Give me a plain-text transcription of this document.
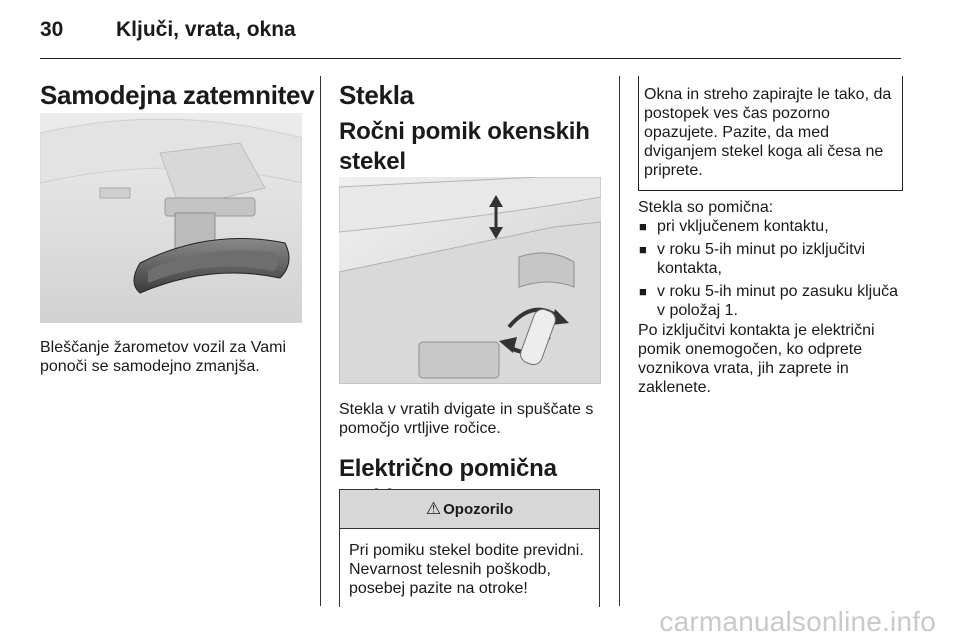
30	Ključi, vrata, okna
Samodejna zatemnitev
Bleščanje žarometov vozil za Vami ponoči se samodejno zmanjša.
Stekla
Ročni pomik okenskih stekel
Stekla v vratih dvigate in spuščate s pomočjo vrtljive ročice.
Električno pomična
⚠ Opozorilo
Pri pomiku stekel bodite previdni. Nevarnost telesnih poškodb, posebej pazite na otroke!
Okna in streho zapirajte le tako, da postopek ves čas pozorno opazujete. Pazite, da med dviganjem stekel koga ali česa ne priprete.
Stekla so pomična:
■ pri vključenem kontaktu,
■ v roku 5-ih minut po izključitvi kontakta,
■ v roku 5-ih minut po zasuku ključa v položaj 1.
Po izključitvi kontakta je električni pomik onemogočen, ko odprete voznikova vrata, jih zaprete in zaklenete.
carmanualsonline.info
